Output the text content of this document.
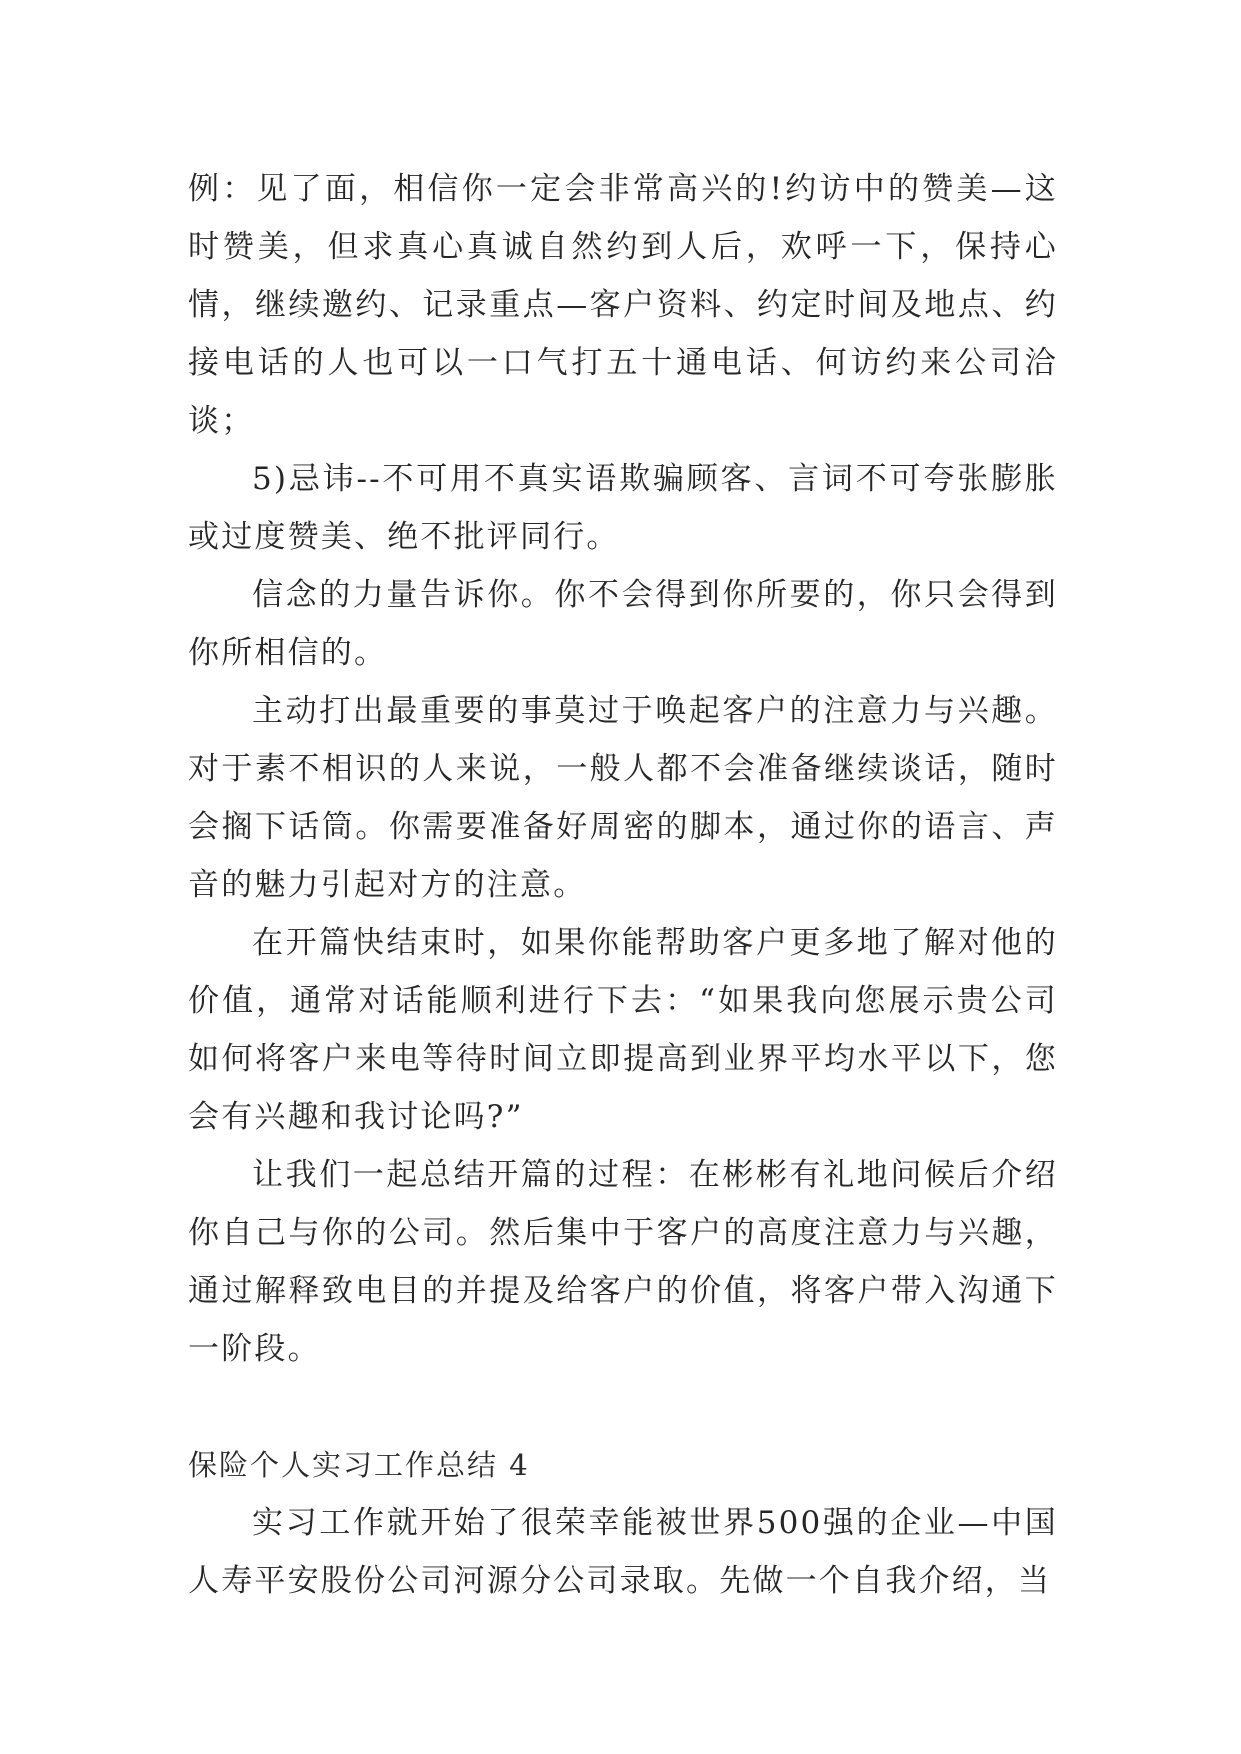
例：见了面，相信你一定会非常高兴的!约访中的赞美—这时赞美，但求真心真诚自然约到人后，欢呼一下，保持心情，继续邀约、记录重点—客户资料、约定时间及地点、约接电话的人也可以一口气打五十通电话、何访约来公司洽谈；

5)忌讳--不可用不真实语欺骗顾客、言词不可夸张膨胀或过度赞美、绝不批评同行。

信念的力量告诉你。你不会得到你所要的，你只会得到你所相信的。

主动打出最重要的事莫过于唤起客户的注意力与兴趣。对于素不相识的人来说，一般人都不会准备继续谈话，随时会搁下话筒。你需要准备好周密的脚本，通过你的语言、声音的魅力引起对方的注意。

在开篇快结束时，如果你能帮助客户更多地了解对他的价值，通常对话能顺利进行下去：“如果我向您展示贵公司如何将客户来电等待时间立即提高到业界平均水平以下，您会有兴趣和我讨论吗?”

让我们一起总结开篇的过程：在彬彬有礼地问候后介绍你自己与你的公司。然后集中于客户的高度注意力与兴趣，通过解释致电目的并提及给客户的价值，将客户带入沟通下一阶段。

保险个人实习工作总结 4

实习工作就开始了很荣幸能被世界500强的企业—中国人寿平安股份公司河源分公司录取。先做一个自我介绍，当
